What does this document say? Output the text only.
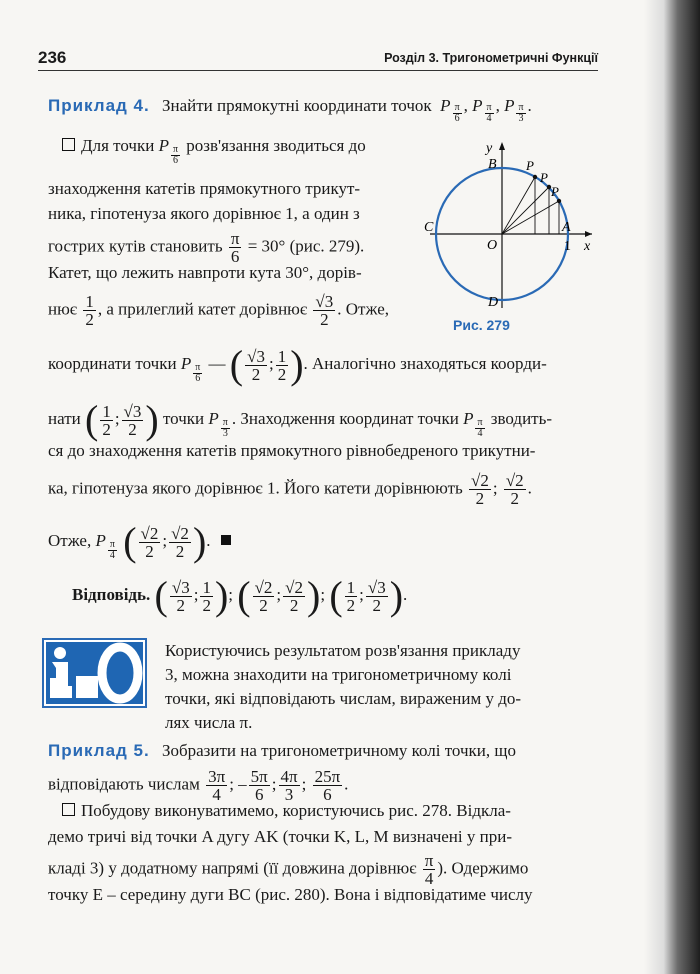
236	Розділ 3. Тригонометричні Функції
Приклад 4. Знайти прямокутні координати точок P $\frac{\pi}{6}$ , P $\frac{\pi}{4}$ , P $\frac{\pi}{3}$ .
Для точки P $\frac{\pi}{6}$ розв'язання зводиться до
знаходження катетів прямокутного трикут-
ника, гіпотенуза якого дорівнює 1, а один з
гострих кутів становить $\frac{\pi}{6} = 30^\circ$ (рис. 279).
Катет, що лежить навпроти кута 30°, дорів-
нює $\frac{1}{2}$ , а прилеглий катет дорівнює $\frac{√3}{2}$ . Отже,
координати точки P $\frac{\pi}{6}$ — ( $\frac{√3}{2}$ ; $\frac{1}{2}$ ). Аналогічно знаходяться коорди-
нати ( $\frac{1}{2}$ ; $\frac{√3}{2}$ ) точки P $\frac{\pi}{3}$ . Знаходження координат точки P $\frac{\pi}{4}$ зводить-
ся до знаходження катетів прямокутного рівнобедреного трикутни-
ка, гіпотенуза якого дорівнює 1. Його катети дорівнюють $\frac{√2}{2}$ ; $\frac{√2}{2}$ .
Отже, P $\frac{\pi}{4}$ ( $\frac{√2}{2}$ ; $\frac{√2}{2}$ ).
Відповідь. ( $\frac{√3}{2}$ ; $\frac{1}{2}$ ); ( $\frac{√2}{2}$ ; $\frac{√2}{2}$ ); ( $\frac{1}{2}$ ; $\frac{√3}{2}$ ).
y
x
O
A
1
B
C
D
P
P
P
Рис. 279
Користуючись результатом розв'язання прикладу
3, можна знаходити на тригонометричному колі
точки, які відповідають числам, вираженим у до-
лях числа π.
Приклад 5. Зобразити на тригонометричному колі точки, що
відповідають числам $\frac{3\pi}{4}$ ; – $\frac{5\pi}{6}$ ; $\frac{4\pi}{3}$ ; $\frac{25\pi}{6}$ .
Побудову виконуватимемо, користуючись рис. 278. Відкла-
демо тричі від точки A дугу AK (точки K, L, M визначені у при-
кладі 3) у додатному напрямі (її довжина дорівнює $\frac{\pi}{4}$ ). Одержимо
точку E – середину дуги BC (рис. 280). Вона і відповідатиме числу
